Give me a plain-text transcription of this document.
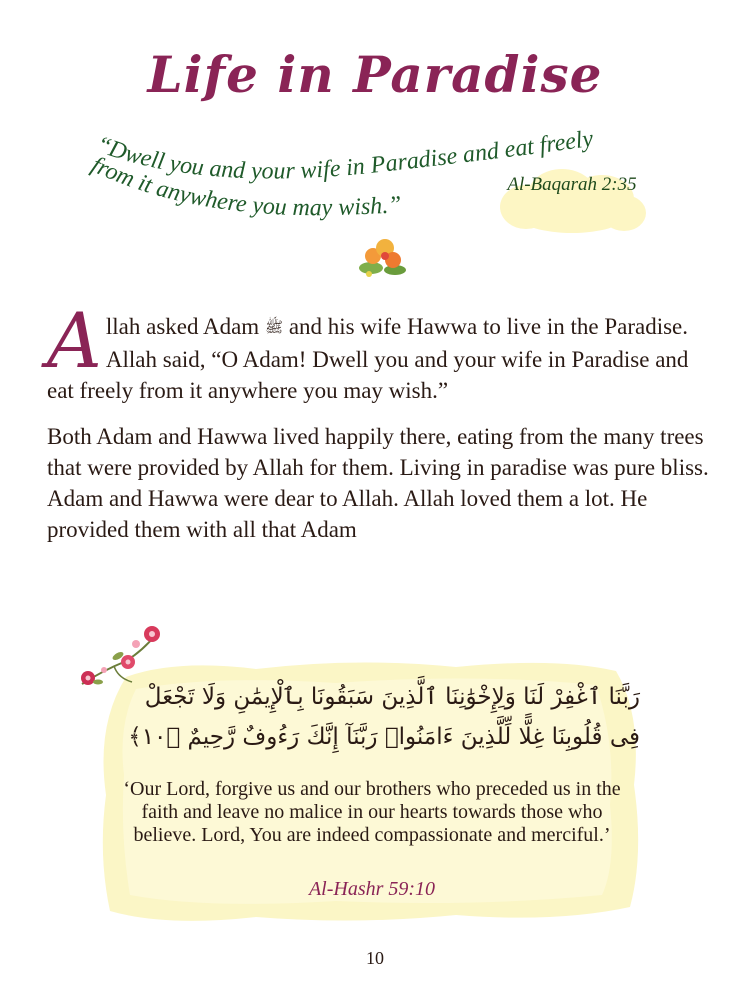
Life in Paradise
“Dwell you and your wife in Paradise and eat freely
from it anywhere you may wish.”
Al-Baqarah 2:35

Allah asked Adam ﷺ and his wife Hawwa to live in the Paradise. Allah said, “O Adam! Dwell you and your wife in Paradise and eat freely from it anywhere you may wish.”

Both Adam and Hawwa lived happily there, eating from the many trees that were provided by Allah for them. Living in paradise was pure bliss. Adam and Hawwa were dear to Allah. Allah loved them a lot. He provided them with all that Adam

رَبَّنَا ٱغْفِرْ لَنَا وَلِإِخْوَٰنِنَا ٱلَّذِينَ سَبَقُونَا بِٱلْإِيمَٰنِ وَلَا تَجْعَلْ
فِى قُلُوبِنَا غِلًّا لِّلَّذِينَ ءَامَنُوا۟ رَبَّنَآ إِنَّكَ رَءُوفٌ رَّحِيمٌ ﴿١٠﴾
‘Our Lord, forgive us and our brothers who preceded us in the faith and leave no malice in our hearts towards those who believe. Lord, You are indeed compassionate and merciful.’
Al-Hashr 59:10
10
